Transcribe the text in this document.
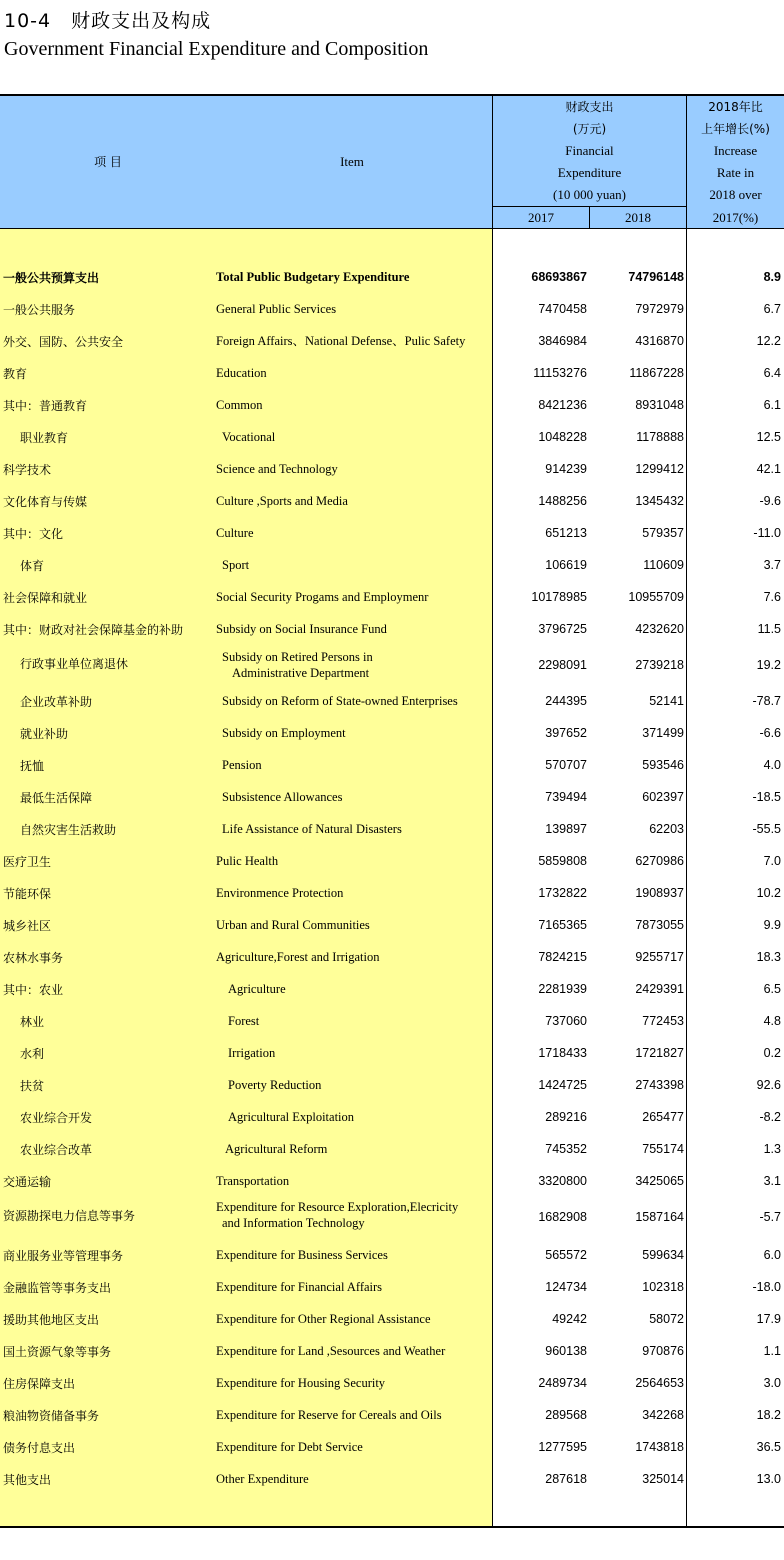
10-4　财政支出及构成
Government Financial Expenditure and Composition
项 目	Item
财政支出
(万元)
Financial
Expenditure
(10 000 yuan)
2018年比
上年增长(%)
Increase
Rate in
2018 over
2017	2018	2017(%)
一般公共预算支出	Total Public Budgetary Expenditure	68693867	74796148	8.9
一般公共服务	General Public Services	7470458	7972979	6.7
外交、国防、公共安全	Foreign Affairs、National Defense、Pulic Safety	3846984	4316870	12.2
教育	Education	11153276	11867228	6.4
其中：普通教育	Common	8421236	8931048	6.1
职业教育	Vocational	1048228	1178888	12.5
科学技术	Science and Technology	914239	1299412	42.1
文化体育与传媒	Culture ,Sports and Media	1488256	1345432	-9.6
其中：文化	Culture	651213	579357	-11.0
体育	Sport	106619	110609	3.7
社会保障和就业	Social Security Progams and Employmenr	10178985	10955709	7.6
其中：财政对社会保障基金的补助	Subsidy on Social Insurance Fund	3796725	4232620	11.5
行政事业单位离退休	Subsidy on Retired Persons in
Administrative Department
2298091	2739218	19.2
企业改革补助	Subsidy on Reform of State-owned Enterprises	244395	52141	-78.7
就业补助	Subsidy on Employment	397652	371499	-6.6
抚恤	Pension	570707	593546	4.0
最低生活保障	Subsistence Allowances	739494	602397	-18.5
自然灾害生活救助	Life Assistance of Natural Disasters	139897	62203	-55.5
医疗卫生	Pulic Health	5859808	6270986	7.0
节能环保	Environmence Protection	1732822	1908937	10.2
城乡社区	Urban and Rural Communities	7165365	7873055	9.9
农林水事务	Agriculture,Forest and Irrigation	7824215	9255717	18.3
其中：农业	Agriculture	2281939	2429391	6.5
林业	Forest	737060	772453	4.8
水利	Irrigation	1718433	1721827	0.2
扶贫	Poverty Reduction	1424725	2743398	92.6
农业综合开发	Agricultural Exploitation	289216	265477	-8.2
农业综合改革	Agricultural Reform	745352	755174	1.3
交通运输	Transportation	3320800	3425065	3.1
资源勘探电力信息等事务
Expenditure for Resource Exploration,Elecricity
and Information Technology	1682908	1587164	-5.7
商业服务业等管理事务	Expenditure for Business Services	565572	599634	6.0
金融监管等事务支出	Expenditure for Financial Affairs	124734	102318	-18.0
援助其他地区支出	Expenditure for Other Regional Assistance	49242	58072	17.9
国土资源气象等事务	Expenditure for Land ,Sesources and Weather	960138	970876	1.1
住房保障支出	Expenditure for Housing Security	2489734	2564653	3.0
粮油物资储备事务	Expenditure for Reserve for Cereals and Oils	289568	342268	18.2
债务付息支出	Expenditure for Debt Service	1277595	1743818	36.5
其他支出	Other Expenditure	287618	325014	13.0
